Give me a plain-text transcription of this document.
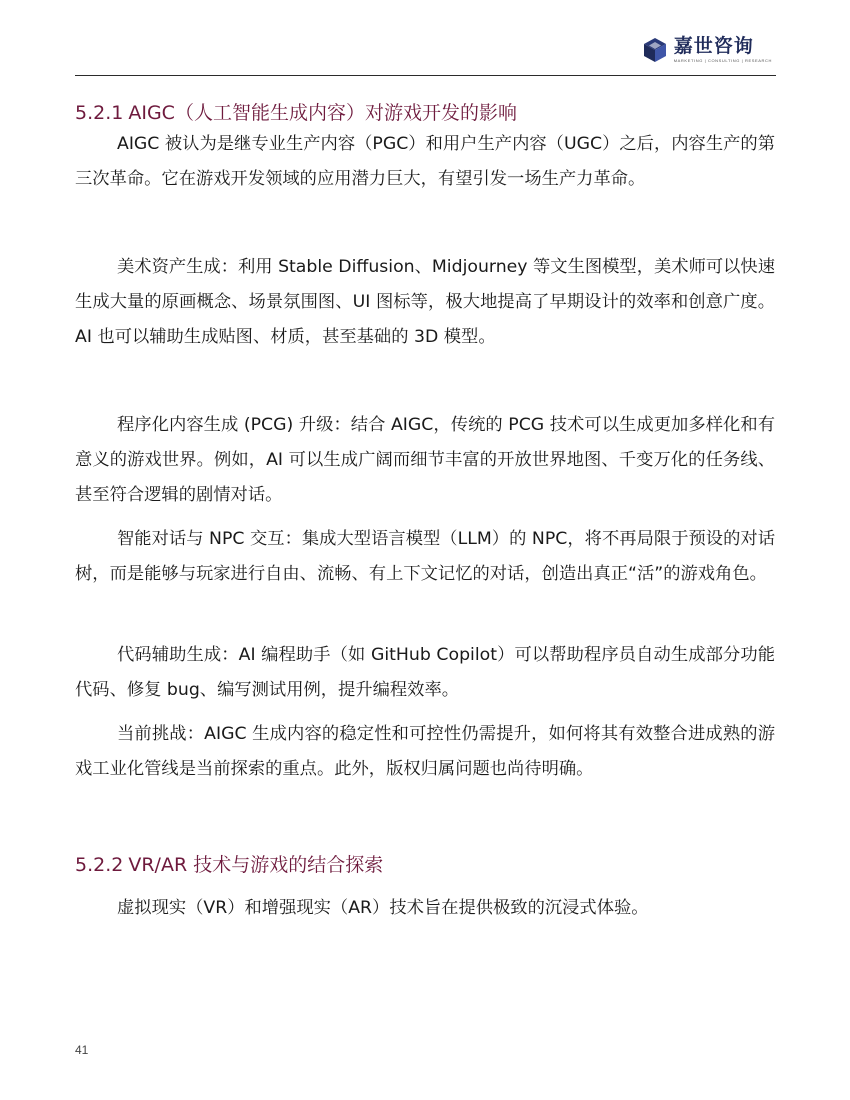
嘉世咨询
MARKETING | CONSULTING | RESEARCH
5.2.1 AIGC（人工智能生成内容）对游戏开发的影响

AIGC 被认为是继专业生产内容（PGC）和用户生产内容（UGC）之后，内容生产的第三次革命。它在游戏开发领域的应用潜力巨大，有望引发一场生产力革命。

美术资产生成：利用 Stable Diffusion、Midjourney 等文生图模型，美术师可以快速生成大量的原画概念、场景氛围图、UI 图标等，极大地提高了早期设计的效率和创意广度。AI 也可以辅助生成贴图、材质，甚至基础的 3D 模型。

程序化内容生成 (PCG) 升级：结合 AIGC，传统的 PCG 技术可以生成更加多样化和有意义的游戏世界。例如，AI 可以生成广阔而细节丰富的开放世界地图、千变万化的任务线、甚至符合逻辑的剧情对话。

智能对话与 NPC 交互：集成大型语言模型（LLM）的 NPC，将不再局限于预设的对话树，而是能够与玩家进行自由、流畅、有上下文记忆的对话，创造出真正“活”的游戏角色。

代码辅助生成：AI 编程助手（如 GitHub Copilot）可以帮助程序员自动生成部分功能代码、修复 bug、编写测试用例，提升编程效率。

当前挑战：AIGC 生成内容的稳定性和可控性仍需提升，如何将其有效整合进成熟的游戏工业化管线是当前探索的重点。此外，版权归属问题也尚待明确。

5.2.2 VR/AR 技术与游戏的结合探索

虚拟现实（VR）和增强现实（AR）技术旨在提供极致的沉浸式体验。

41
